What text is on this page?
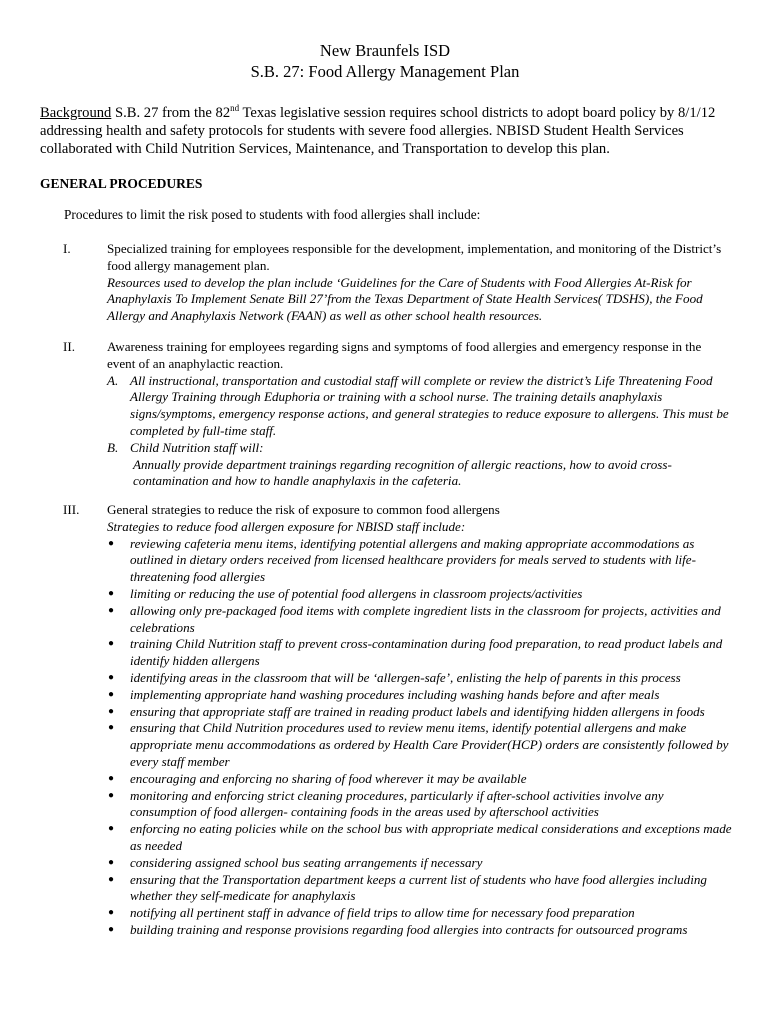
New Braunfels ISD
S.B. 27: Food Allergy Management Plan
Background S.B. 27 from the 82nd Texas legislative session requires school districts to adopt board policy by 8/1/12 addressing health and safety protocols for students with severe food allergies. NBISD Student Health Services collaborated with Child Nutrition Services, Maintenance, and Transportation to develop this plan.
GENERAL PROCEDURES
Procedures to limit the risk posed to students with food allergies shall include:
I.	Specialized training for employees responsible for the development, implementation, and monitoring of the District’s food allergy management plan.
Resources used to develop the plan include ‘Guidelines for the Care of Students with Food Allergies At-Risk for Anaphylaxis To Implement Senate Bill 27’from the Texas Department of State Health Services( TDSHS), the Food Allergy and Anaphylaxis Network (FAAN) as well as other school health resources.
II. Awareness training for employees regarding signs and symptoms of food allergies and emergency response in the event of an anaphylactic reaction.
A. All instructional, transportation and custodial staff will complete or review the district’s Life Threatening Food Allergy Training through Eduphoria or training with a school nurse. The training details anaphylaxis signs/symptoms, emergency response actions, and general strategies to reduce exposure to allergens. This must be completed by full-time staff.
B. Child Nutrition staff will:
Annually provide department trainings regarding recognition of allergic reactions, how to avoid cross-contamination and how to handle anaphylaxis in the cafeteria.
III. General strategies to reduce the risk of exposure to common food allergens
Strategies to reduce food allergen exposure for NBISD staff include:
● reviewing cafeteria menu items, identifying potential allergens and making appropriate accommodations as outlined in dietary orders received from licensed healthcare providers for meals served to students with life-threatening food allergies
● limiting or reducing the use of potential food allergens in classroom projects/activities
● allowing only pre-packaged food items with complete ingredient lists in the classroom for projects, activities and celebrations
● training Child Nutrition staff to prevent cross-contamination during food preparation, to read product labels and identify hidden allergens
● identifying areas in the classroom that will be ‘allergen-safe’, enlisting the help of parents in this process
● implementing appropriate hand washing procedures including washing hands before and after meals
● ensuring that appropriate staff are trained in reading product labels and identifying hidden allergens in foods
● ensuring that Child Nutrition procedures used to review menu items, identify potential allergens and make appropriate menu accommodations as ordered by Health Care Provider(HCP) orders are consistently followed by every staff member
● encouraging and enforcing no sharing of food wherever it may be available
● monitoring and enforcing strict cleaning procedures, particularly if after-school activities involve any consumption of food allergen- containing foods in the areas used by afterschool activities
● enforcing no eating policies while on the school bus with appropriate medical considerations and exceptions made as needed
● considering assigned school bus seating arrangements if necessary
● ensuring that the Transportation department keeps a current list of students who have food allergies including whether they self-medicate for anaphylaxis
● notifying all pertinent staff in advance of field trips to allow time for necessary food preparation
● building training and response provisions regarding food allergies into contracts for outsourced programs
